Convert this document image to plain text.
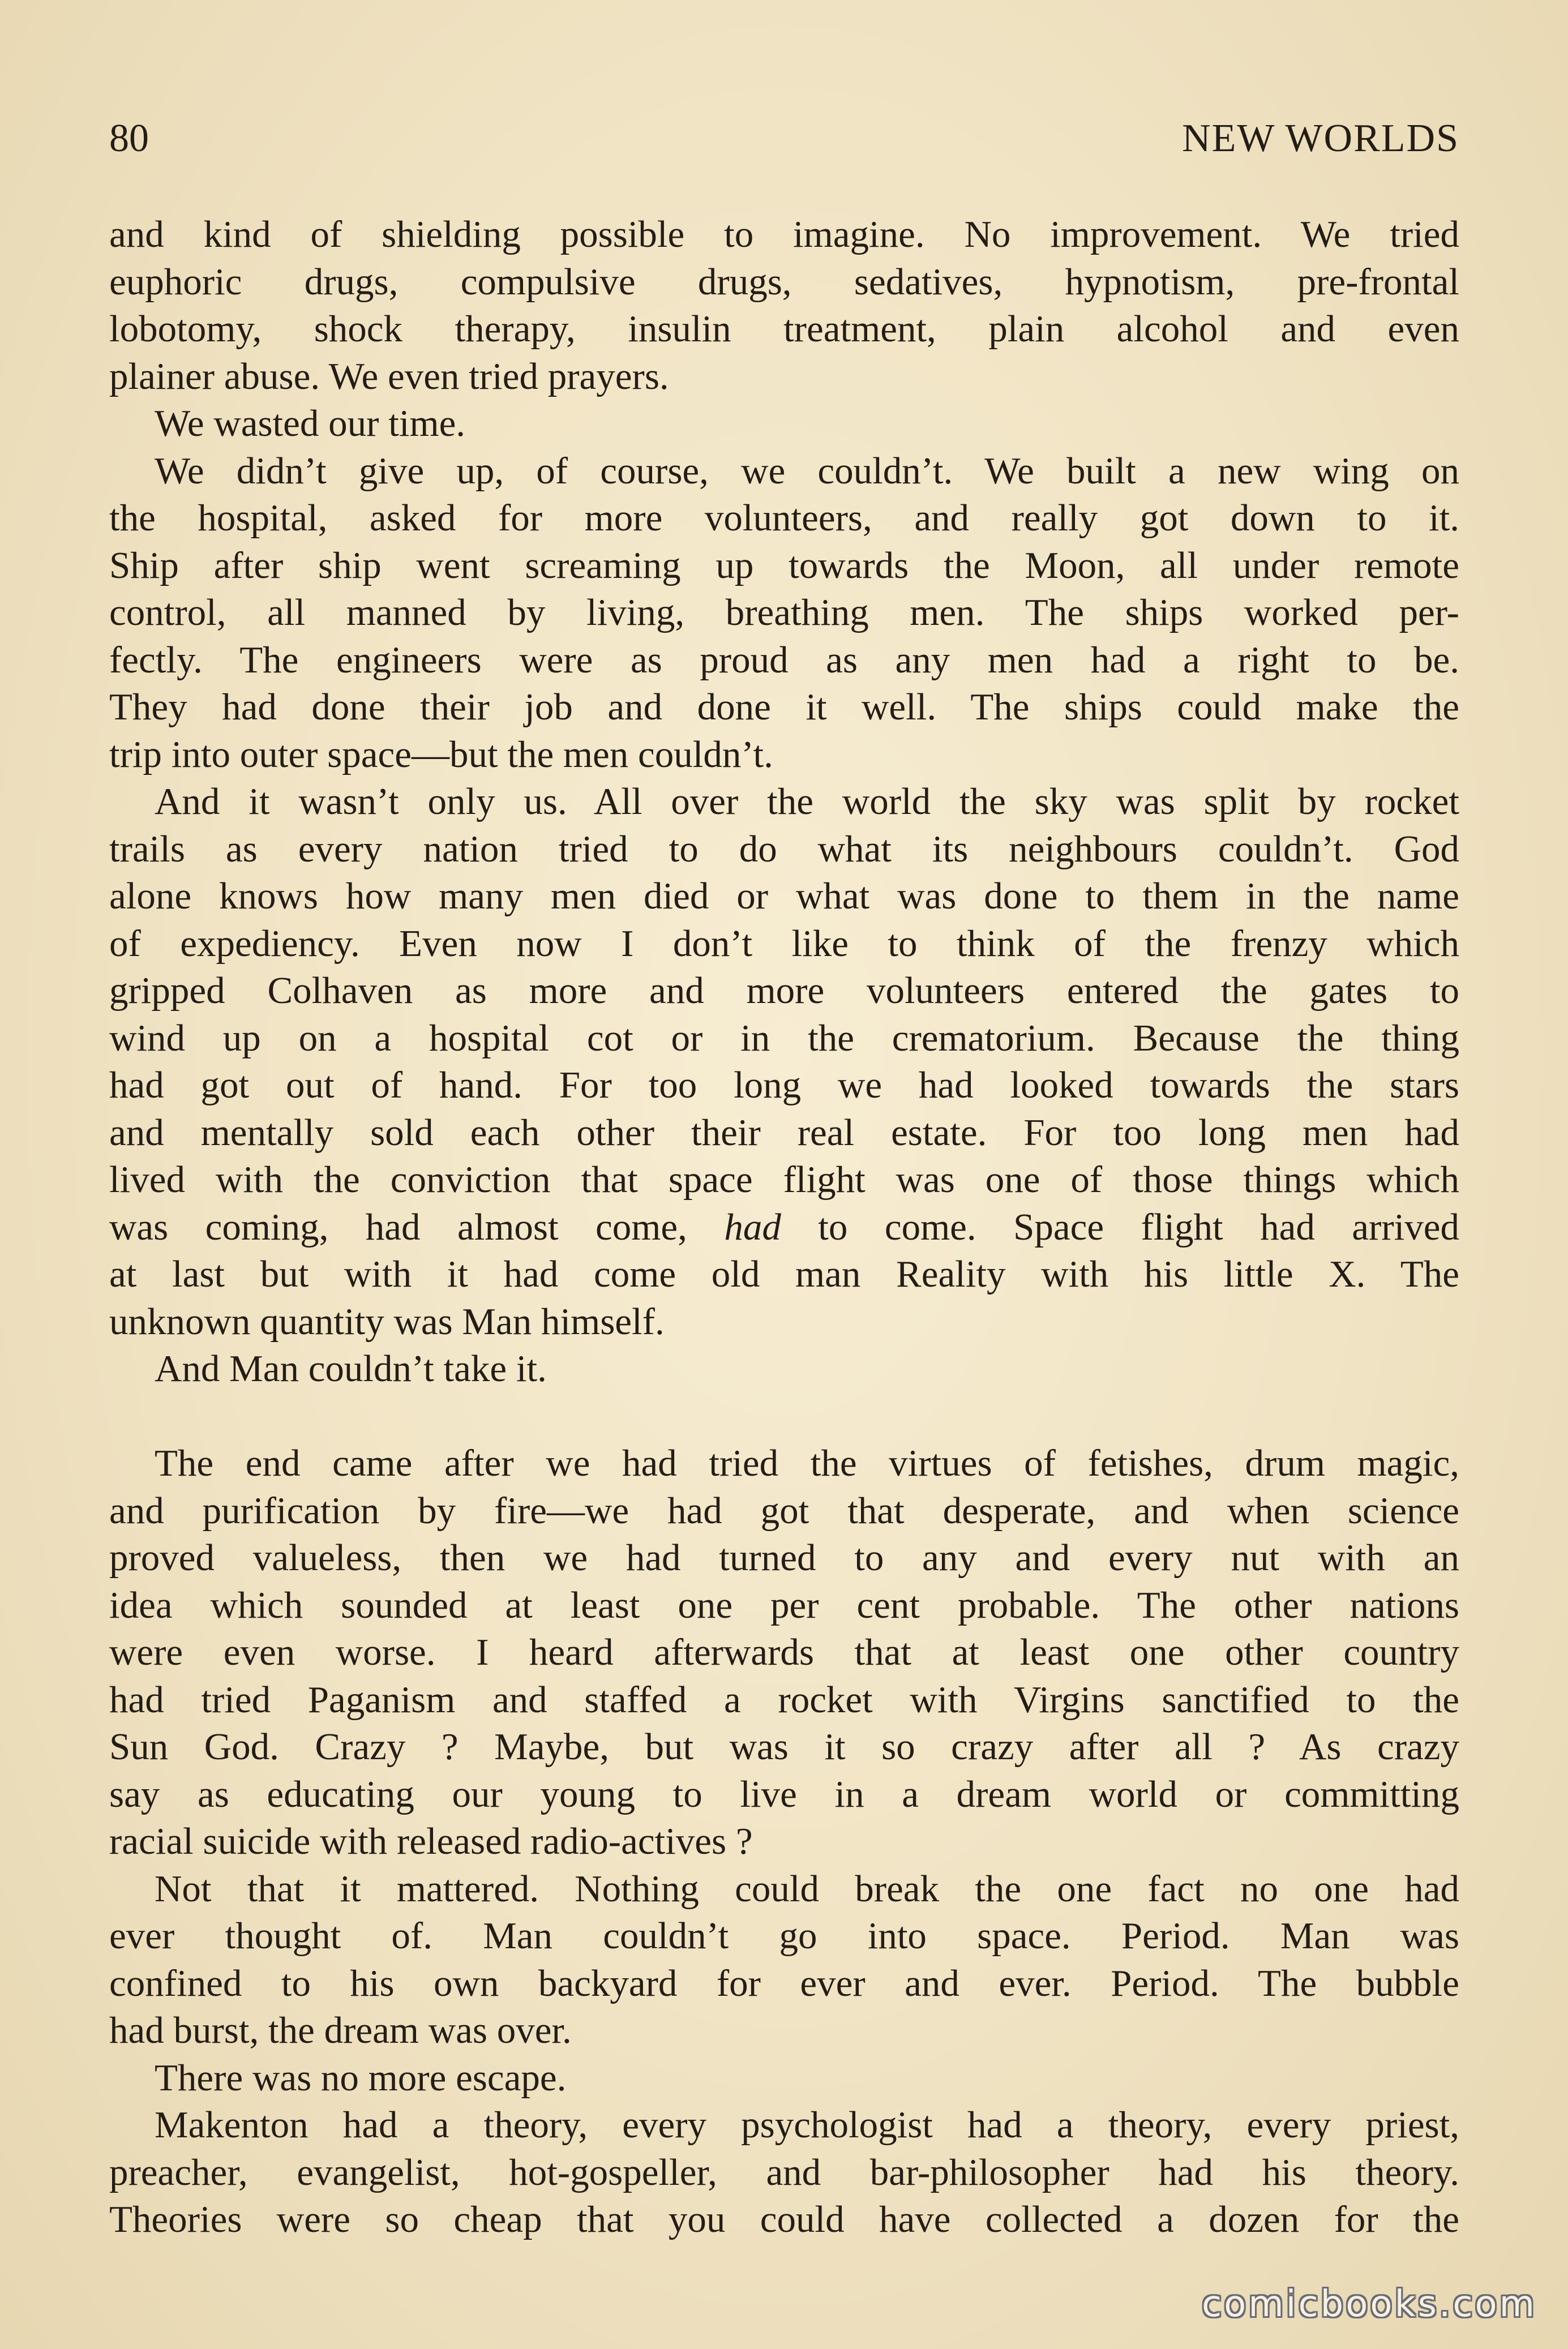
80	NEW WORLDS
and kind of shielding possible to imagine. No improvement. We tried
euphoric drugs, compulsive drugs, sedatives, hypnotism, pre-frontal
lobotomy, shock therapy, insulin treatment, plain alcohol and even
plainer abuse. We even tried prayers.
We wasted our time.
We didn’t give up, of course, we couldn’t. We built a new wing on
the hospital, asked for more volunteers, and really got down to it.
Ship after ship went screaming up towards the Moon, all under remote
control, all manned by living, breathing men. The ships worked per-
fectly. The engineers were as proud as any men had a right to be.
They had done their job and done it well. The ships could make the
trip into outer space—but the men couldn’t.
And it wasn’t only us. All over the world the sky was split by rocket
trails as every nation tried to do what its neighbours couldn’t. God
alone knows how many men died or what was done to them in the name
of expediency. Even now I don’t like to think of the frenzy which
gripped Colhaven as more and more volunteers entered the gates to
wind up on a hospital cot or in the crematorium. Because the thing
had got out of hand. For too long we had looked towards the stars
and mentally sold each other their real estate. For too long men had
lived with the conviction that space flight was one of those things which
was coming, had almost come, had to come. Space flight had arrived
at last but with it had come old man Reality with his little X. The
unknown quantity was Man himself.
And Man couldn’t take it.
The end came after we had tried the virtues of fetishes, drum magic,
and purification by fire—we had got that desperate, and when science
proved valueless, then we had turned to any and every nut with an
idea which sounded at least one per cent probable. The other nations
were even worse. I heard afterwards that at least one other country
had tried Paganism and staffed a rocket with Virgins sanctified to the
Sun God. Crazy ? Maybe, but was it so crazy after all ? As crazy
say as educating our young to live in a dream world or committing
racial suicide with released radio-actives ?
Not that it mattered. Nothing could break the one fact no one had
ever thought of. Man couldn’t go into space. Period. Man was
confined to his own backyard for ever and ever. Period. The bubble
had burst, the dream was over.
There was no more escape.
Makenton had a theory, every psychologist had a theory, every priest,
preacher, evangelist, hot-gospeller, and bar-philosopher had his theory.
Theories were so cheap that you could have collected a dozen for the
comicbooks.com
